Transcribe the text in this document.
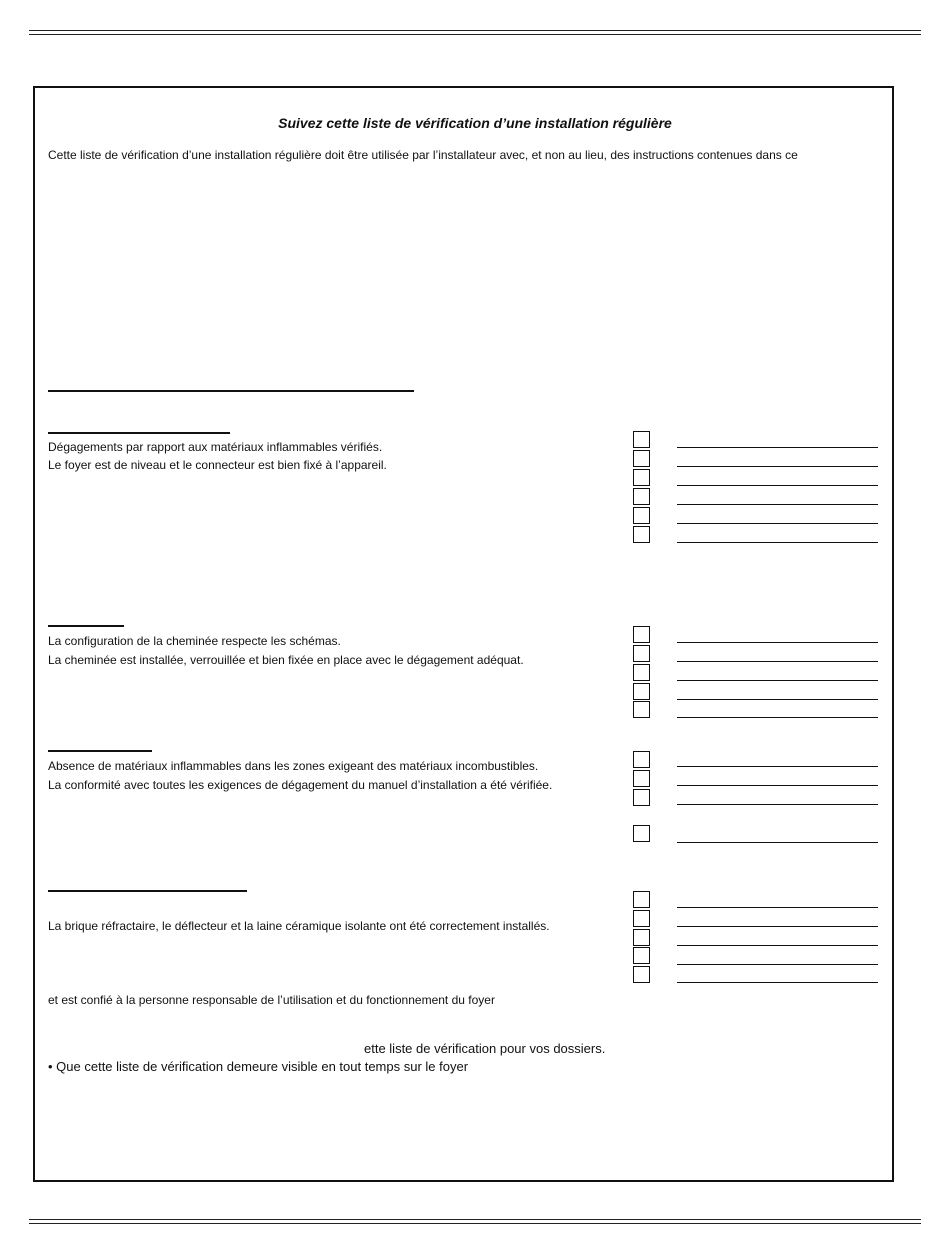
Suivez cette liste de vérification d’une installation régulière
Cette liste de vérification d’une installation régulière doit être utilisée par l’installateur avec, et non au lieu, des instructions contenues dans ce
Dégagements par rapport aux matériaux inflammables vérifiés.
Le foyer est de niveau et le connecteur est bien fixé à l’appareil.
La configuration de la cheminée respecte les schémas.
La cheminée est installée, verrouillée et bien fixée en place avec le dégagement adéquat.
Absence de matériaux inflammables dans les zones exigeant des matériaux incombustibles.
La conformité avec toutes les exigences de dégagement du manuel d’installation a été vérifiée.
La brique réfractaire, le déflecteur et la laine céramique isolante ont été correctement installés.
et est confié à la personne responsable de l’utilisation et du fonctionnement du foyer
ette liste de vérification pour vos dossiers.
• Que cette liste de vérification demeure visible en tout temps sur le foyer
